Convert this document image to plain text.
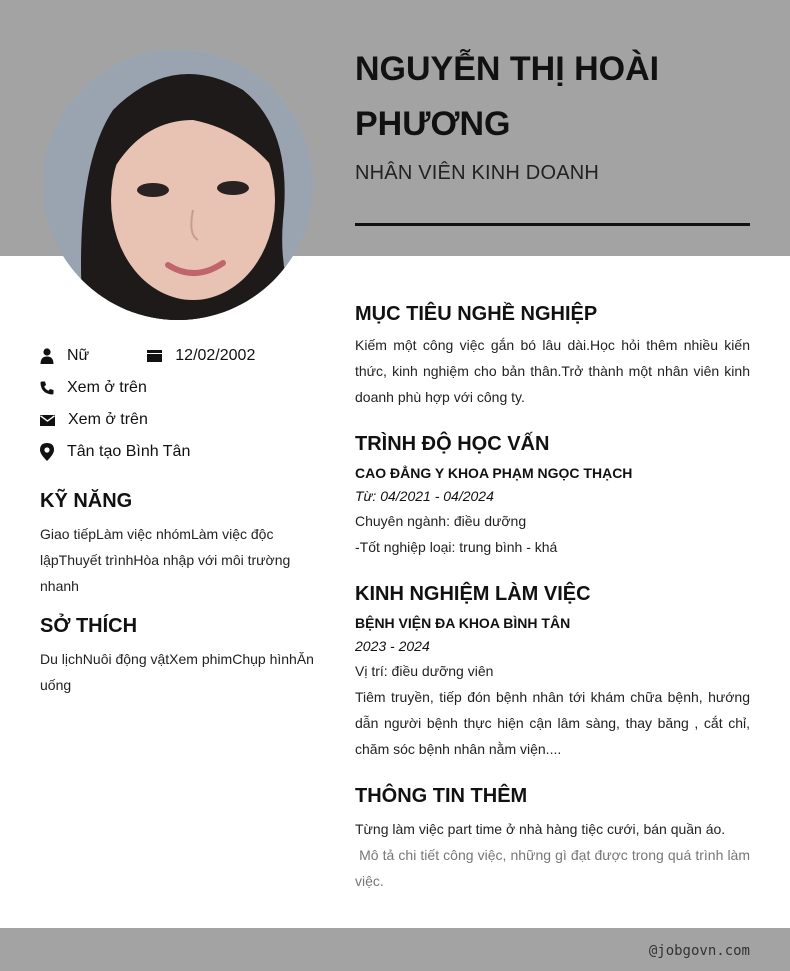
NGUYỄN THỊ HOÀI PHƯƠNG
NHÂN VIÊN KINH DOANH
Nữ	12/02/2002
Xem ở trên
Xem ở trên
Tân tạo Bình Tân
KỸ NĂNG
Giao tiếpLàm việc nhómLàm việc độc lậpThuyết trìnhHòa nhập với môi trường nhanh
SỞ THÍCH
Du lịchNuôi động vậtXem phimChụp hìnhĂn uống
MỤC TIÊU NGHỀ NGHIỆP
Kiếm một công việc gắn bó lâu dài.Học hỏi thêm nhiều kiến thức, kinh nghiệm cho bản thân.Trở thành một nhân viên kinh doanh phù hợp với công ty.
TRÌNH ĐỘ HỌC VẤN
CAO ĐẲNG Y KHOA PHẠM NGỌC THẠCH
Từ: 04/2021 - 04/2024
Chuyên ngành: điều dưỡng
-Tốt nghiệp loại: trung bình - khá
KINH NGHIỆM LÀM VIỆC
BỆNH VIỆN ĐA KHOA BÌNH TÂN
2023 - 2024
Vị trí: điều dưỡng viên
Tiêm truyền, tiếp đón bệnh nhân tới khám chữa bệnh, hướng dẫn người bệnh thực hiện cận lâm sàng, thay băng , cắt chỉ, chăm sóc bệnh nhân nằm viện....
THÔNG TIN THÊM
Từng làm việc part time ở nhà hàng tiệc cưới, bán quần áo.
Mô tả chi tiết công việc, những gì đạt được trong quá trình làm việc.
@jobgovn.com
